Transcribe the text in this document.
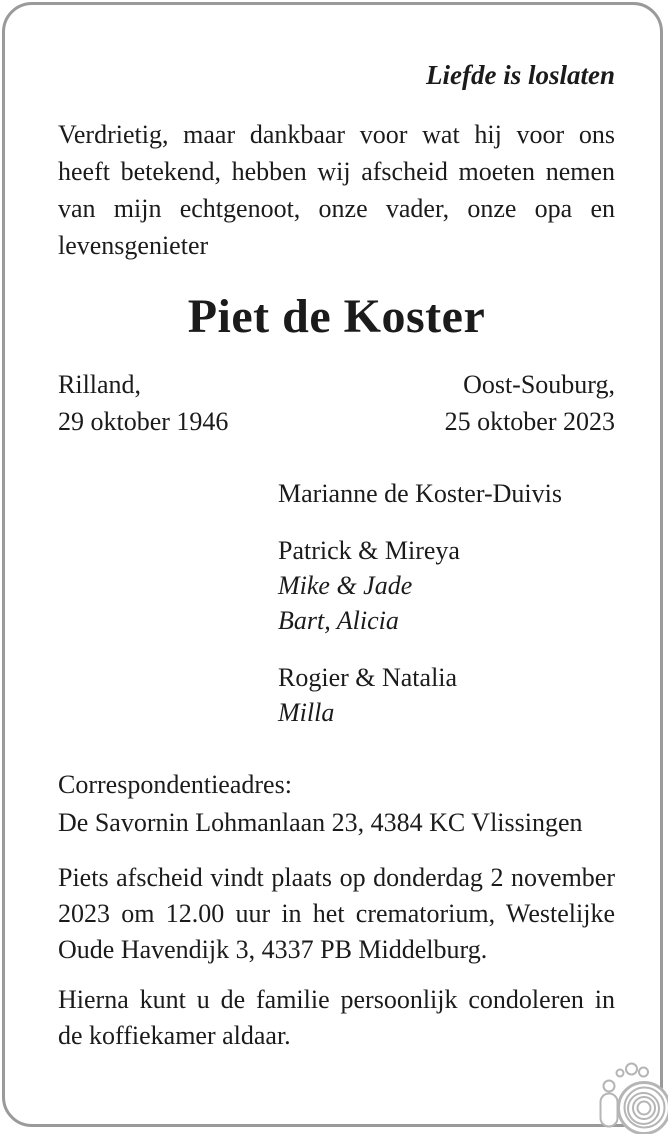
Liefde is loslaten

Verdrietig, maar dankbaar voor wat hij voor ons heeft betekend, hebben wij afscheid moeten nemen van mijn echtgenoot, onze vader, onze opa en levensgenieter

Piet de Koster
Rilland,
29 oktober 1946
Oost-Souburg,
25 oktober 2023
Marianne de Koster-Duivis
Patrick & Mireya
Mike & Jade
Bart, Alicia
Rogier & Natalia
Milla
Correspondentieadres:
De Savornin Lohmanlaan 23, 4384 KC Vlissingen

Piets afscheid vindt plaats op donderdag 2 november 2023 om 12.00 uur in het crematorium, Westelijke Oude Havendijk 3, 4337 PB Middelburg.

Hierna kunt u de familie persoonlijk condoleren in de koffiekamer aldaar.
